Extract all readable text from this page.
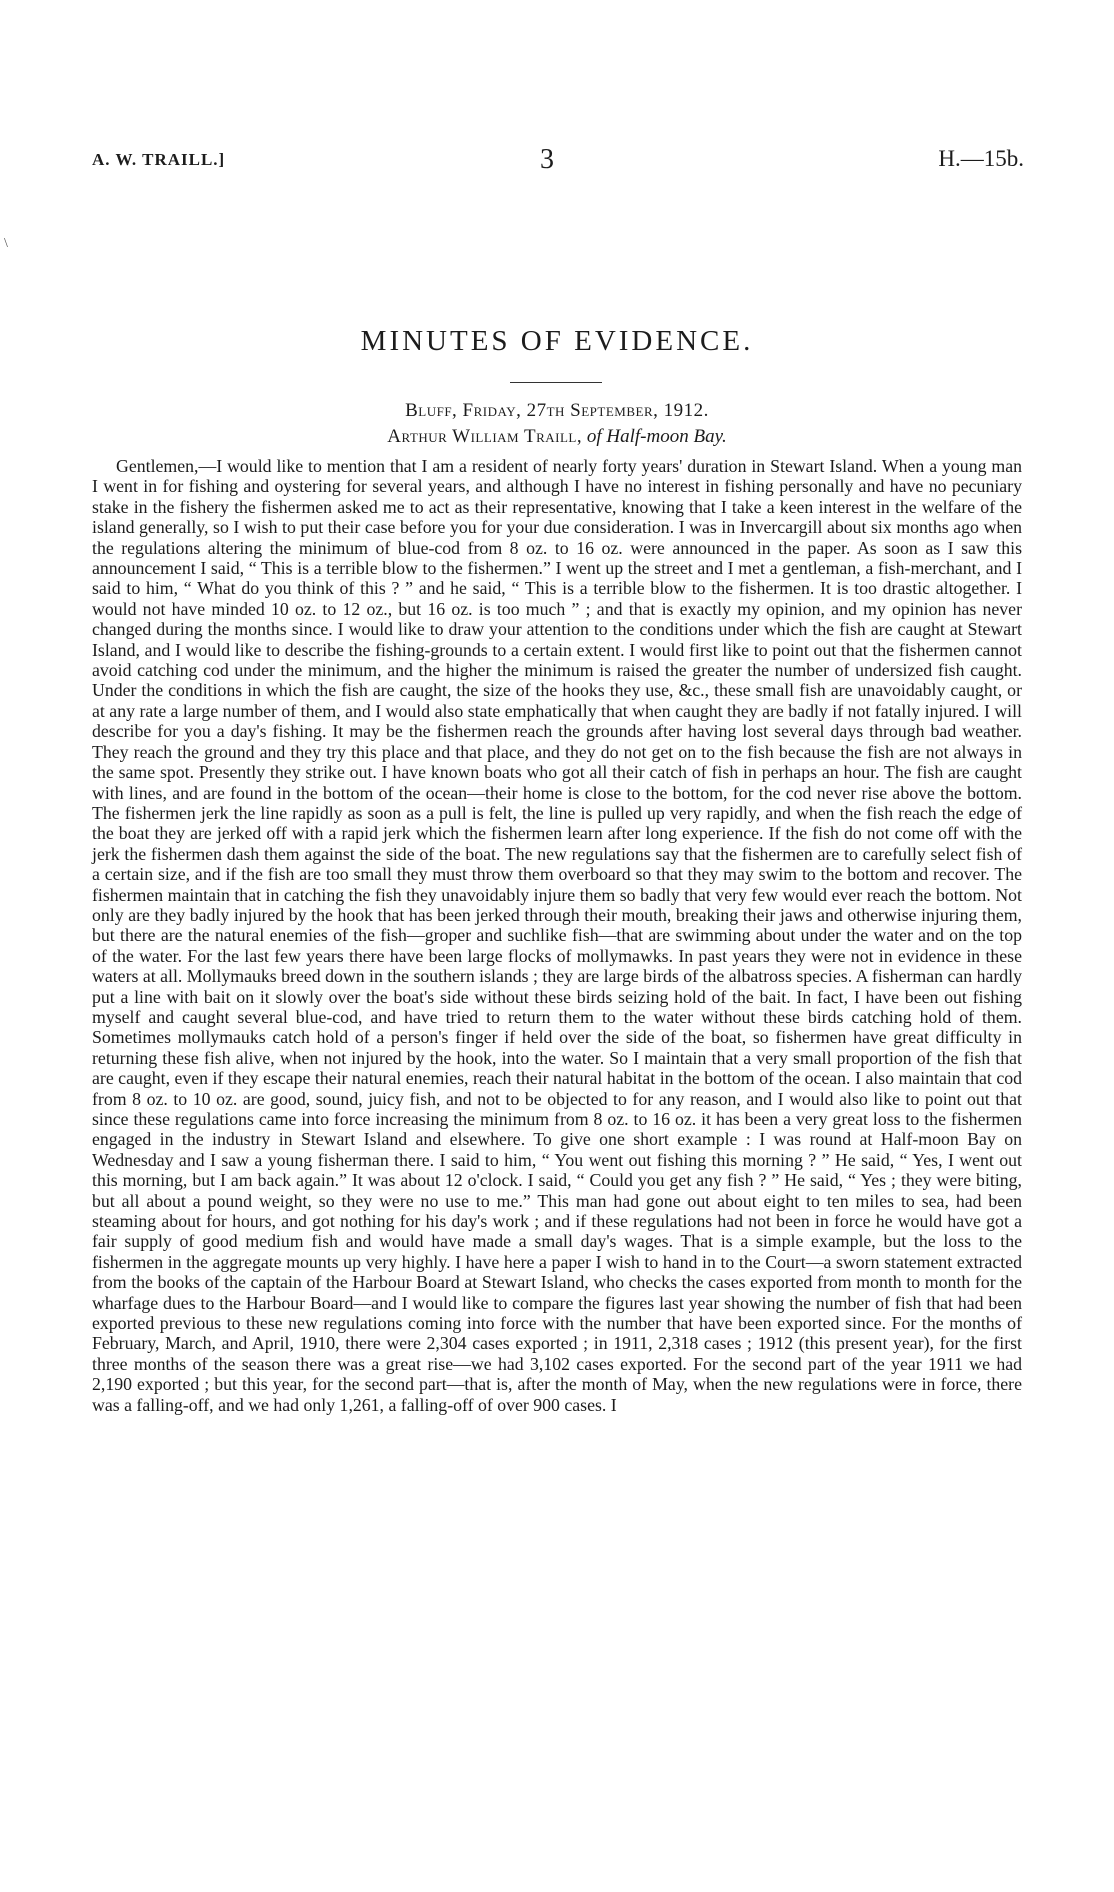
A. W. TRAILL.]	3	H.—15b.
\
MINUTES OF EVIDENCE.
Bluff, Friday, 27th September, 1912.
Arthur William Traill, of Half-moon Bay.

Gentlemen,—I would like to mention that I am a resident of nearly forty years' duration in Stewart Island. When a young man I went in for fishing and oystering for several years, and although I have no interest in fishing personally and have no pecuniary stake in the fishery the fishermen asked me to act as their representative, knowing that I take a keen interest in the welfare of the island generally, so I wish to put their case before you for your due consideration. I was in Invercargill about six months ago when the regulations altering the minimum of blue-cod from 8 oz. to 16 oz. were announced in the paper. As soon as I saw this announcement I said, “ This is a terrible blow to the fishermen.” I went up the street and I met a gentleman, a fish-merchant, and I said to him, “ What do you think of this ? ” and he said, “ This is a terrible blow to the fishermen. It is too drastic altogether. I would not have minded 10 oz. to 12 oz., but 16 oz. is too much ” ; and that is exactly my opinion, and my opinion has never changed during the months since. I would like to draw your attention to the conditions under which the fish are caught at Stewart Island, and I would like to describe the fishing-grounds to a certain extent. I would first like to point out that the fishermen cannot avoid catching cod under the minimum, and the higher the minimum is raised the greater the number of undersized fish caught. Under the conditions in which the fish are caught, the size of the hooks they use, &c., these small fish are unavoidably caught, or at any rate a large number of them, and I would also state emphatically that when caught they are badly if not fatally injured. I will describe for you a day's fishing. It may be the fishermen reach the grounds after having lost several days through bad weather. They reach the ground and they try this place and that place, and they do not get on to the fish because the fish are not always in the same spot. Presently they strike out. I have known boats who got all their catch of fish in perhaps an hour. The fish are caught with lines, and are found in the bottom of the ocean—their home is close to the bottom, for the cod never rise above the bottom. The fishermen jerk the line rapidly as soon as a pull is felt, the line is pulled up very rapidly, and when the fish reach the edge of the boat they are jerked off with a rapid jerk which the fishermen learn after long experience. If the fish do not come off with the jerk the fishermen dash them against the side of the boat. The new regulations say that the fishermen are to carefully select fish of a certain size, and if the fish are too small they must throw them overboard so that they may swim to the bottom and recover. The fishermen maintain that in catching the fish they unavoidably injure them so badly that very few would ever reach the bottom. Not only are they badly injured by the hook that has been jerked through their mouth, breaking their jaws and otherwise injuring them, but there are the natural enemies of the fish—groper and suchlike fish—that are swimming about under the water and on the top of the water. For the last few years there have been large flocks of mollymawks. In past years they were not in evidence in these waters at all. Mollymauks breed down in the southern islands ; they are large birds of the albatross species. A fisherman can hardly put a line with bait on it slowly over the boat's side without these birds seizing hold of the bait. In fact, I have been out fishing myself and caught several blue-cod, and have tried to return them to the water without these birds catching hold of them. Sometimes mollymauks catch hold of a person's finger if held over the side of the boat, so fishermen have great difficulty in returning these fish alive, when not injured by the hook, into the water. So I maintain that a very small proportion of the fish that are caught, even if they escape their natural enemies, reach their natural habitat in the bottom of the ocean. I also maintain that cod from 8 oz. to 10 oz. are good, sound, juicy fish, and not to be objected to for any reason, and I would also like to point out that since these regulations came into force increasing the minimum from 8 oz. to 16 oz. it has been a very great loss to the fishermen engaged in the industry in Stewart Island and elsewhere. To give one short example : I was round at Half-moon Bay on Wednesday and I saw a young fisherman there. I said to him, “ You went out fishing this morning ? ” He said, “ Yes, I went out this morning, but I am back again.” It was about 12 o'clock. I said, “ Could you get any fish ? ” He said, “ Yes ; they were biting, but all about a pound weight, so they were no use to me.” This man had gone out about eight to ten miles to sea, had been steaming about for hours, and got nothing for his day's work ; and if these regulations had not been in force he would have got a fair supply of good medium fish and would have made a small day's wages. That is a simple example, but the loss to the fishermen in the aggregate mounts up very highly. I have here a paper I wish to hand in to the Court—a sworn statement extracted from the books of the captain of the Harbour Board at Stewart Island, who checks the cases exported from month to month for the wharfage dues to the Harbour Board—and I would like to compare the figures last year showing the number of fish that had been exported previous to these new regulations coming into force with the number that have been exported since. For the months of February, March, and April, 1910, there were 2,304 cases exported ; in 1911, 2,318 cases ; 1912 (this present year), for the first three months of the season there was a great rise—we had 3,102 cases exported. For the second part of the year 1911 we had 2,190 exported ; but this year, for the second part—that is, after the month of May, when the new regulations were in force, there was a falling-off, and we had only 1,261, a falling-off of over 900 cases. I
